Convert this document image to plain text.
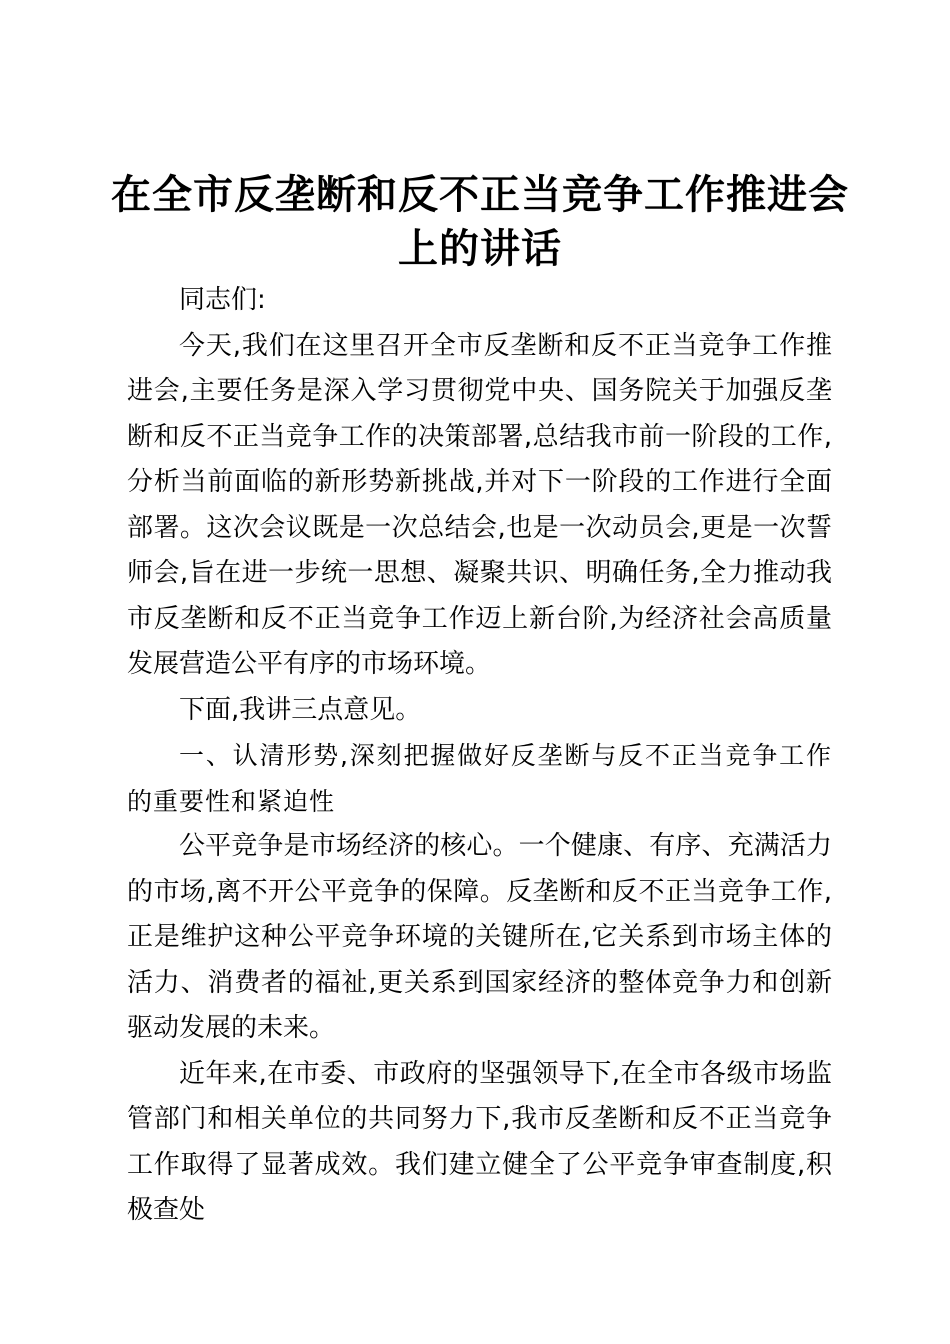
在全市反垄断和反不正当竞争工作推进会上的讲话

同志们:

今天,我们在这里召开全市反垄断和反不正当竞争工作推进会,主要任务是深入学习贯彻党中央、国务院关于加强反垄断和反不正当竞争工作的决策部署,总结我市前一阶段的工作,分析当前面临的新形势新挑战,并对下一阶段的工作进行全面部署。这次会议既是一次总结会,也是一次动员会,更是一次誓师会,旨在进一步统一思想、凝聚共识、明确任务,全力推动我市反垄断和反不正当竞争工作迈上新台阶,为经济社会高质量发展营造公平有序的市场环境。

下面,我讲三点意见。

一、认清形势,深刻把握做好反垄断与反不正当竞争工作的重要性和紧迫性

公平竞争是市场经济的核心。一个健康、有序、充满活力的市场,离不开公平竞争的保障。反垄断和反不正当竞争工作,正是维护这种公平竞争环境的关键所在,它关系到市场主体的活力、消费者的福祉,更关系到国家经济的整体竞争力和创新驱动发展的未来。

近年来,在市委、市政府的坚强领导下,在全市各级市场监管部门和相关单位的共同努力下,我市反垄断和反不正当竞争工作取得了显著成效。我们建立健全了公平竞争审查制度,积极查处
